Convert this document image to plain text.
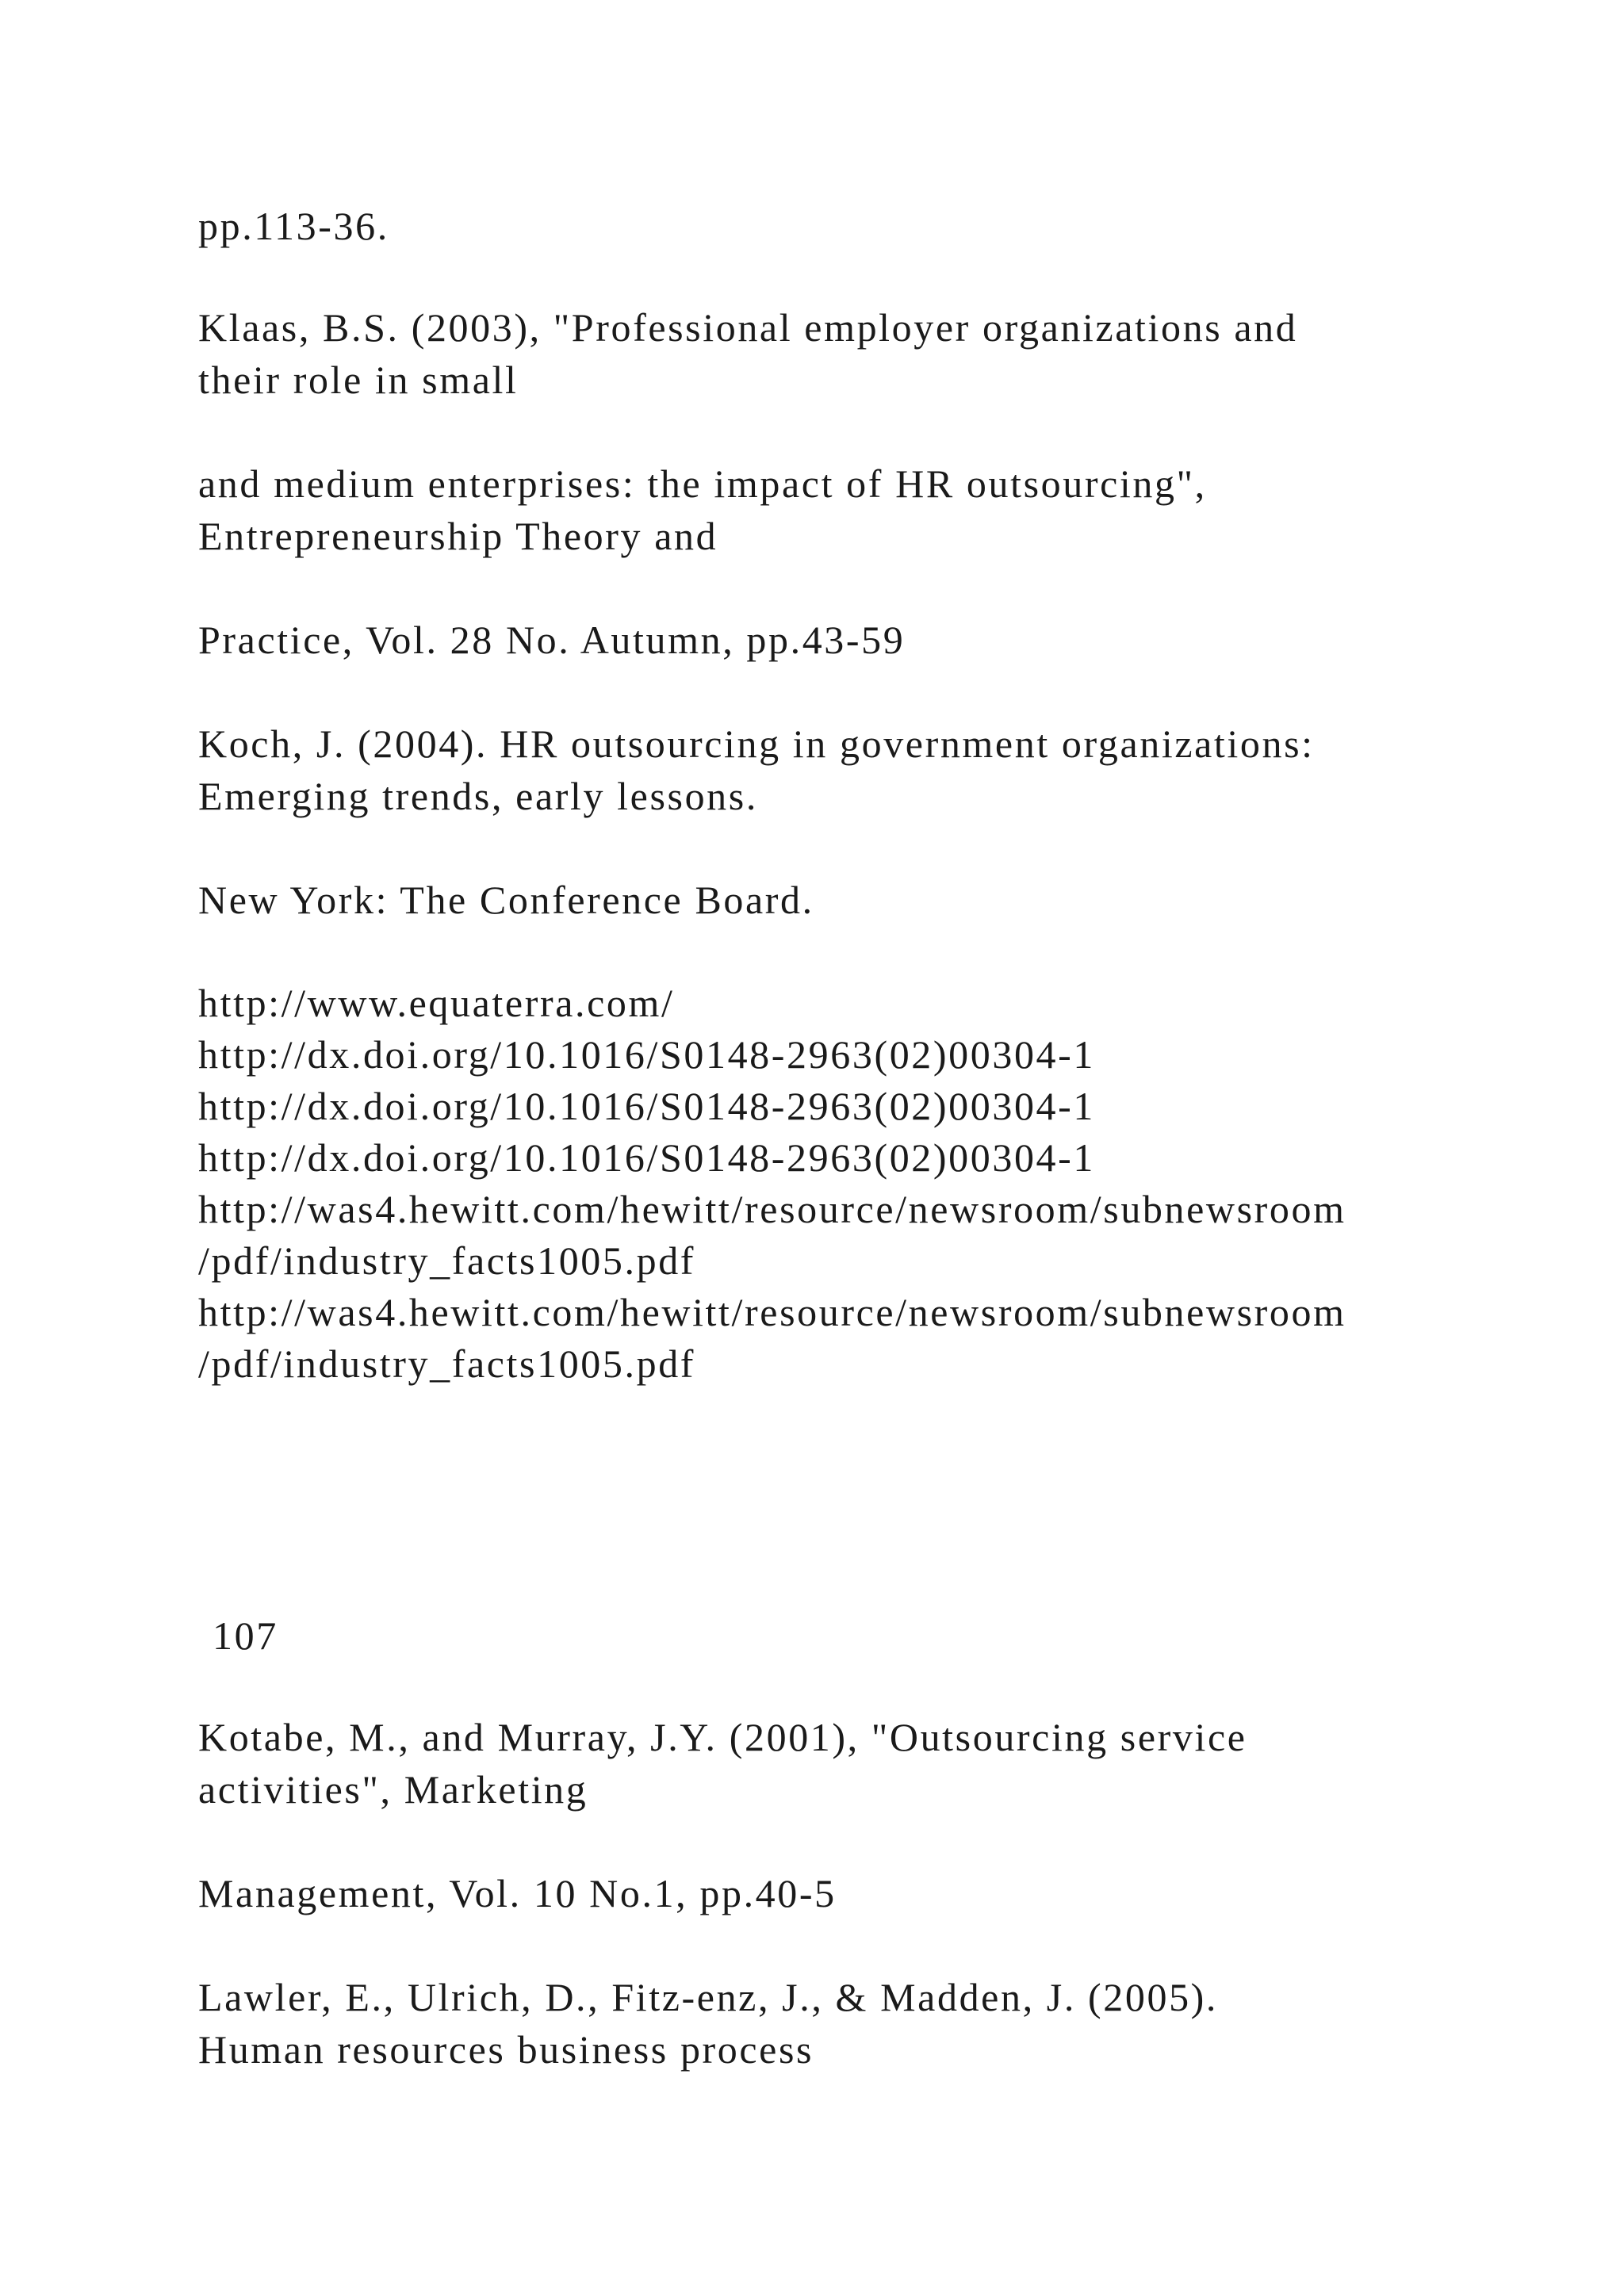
pp.113-36.
Klaas, B.S. (2003), "Professional employer organizations and
their role in small
and medium enterprises: the impact of HR outsourcing",
Entrepreneurship Theory and
Practice, Vol. 28 No. Autumn, pp.43-59
Koch, J. (2004). HR outsourcing in government organizations:
Emerging trends, early lessons.
New York: The Conference Board.
http://www.equaterra.com/
http://dx.doi.org/10.1016/S0148-2963(02)00304-1
http://dx.doi.org/10.1016/S0148-2963(02)00304-1
http://dx.doi.org/10.1016/S0148-2963(02)00304-1
http://was4.hewitt.com/hewitt/resource/newsroom/subnewsroom
/pdf/industry_facts1005.pdf
http://was4.hewitt.com/hewitt/resource/newsroom/subnewsroom
/pdf/industry_facts1005.pdf
107
Kotabe, M., and Murray, J.Y. (2001), "Outsourcing service
activities", Marketing
Management, Vol. 10 No.1, pp.40-5
Lawler, E., Ulrich, D., Fitz-enz, J., & Madden, J. (2005).
Human resources business process
